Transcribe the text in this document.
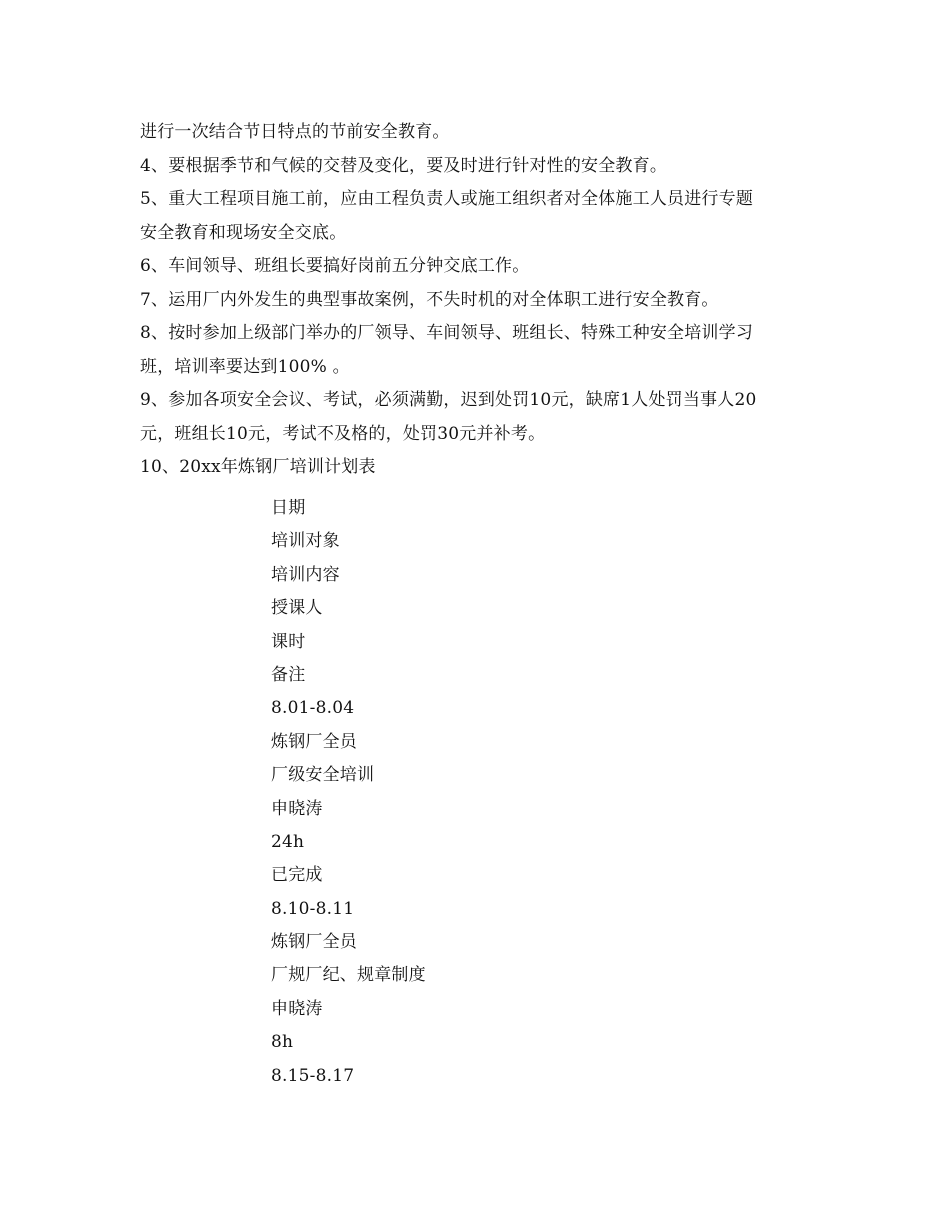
进行一次结合节日特点的节前安全教育。
4、要根据季节和气候的交替及变化，要及时进行针对性的安全教育。
5、重大工程项目施工前，应由工程负责人或施工组织者对全体施工人员进行专题
安全教育和现场安全交底。
6、车间领导、班组长要搞好岗前五分钟交底工作。
7、运用厂内外发生的典型事故案例，不失时机的对全体职工进行安全教育。
8、按时参加上级部门举办的厂领导、车间领导、班组长、特殊工种安全培训学习
班，培训率要达到100% 。
9、参加各项安全会议、考试，必须满勤，迟到处罚10元，缺席1人处罚当事人20
元，班组长10元，考试不及格的，处罚30元并补考。
10、20xx年炼钢厂培训计划表
日期
培训对象
培训内容
授课人
课时
备注
8.01-8.04
炼钢厂全员
厂级安全培训
申晓涛
24h
已完成
8.10-8.11
炼钢厂全员
厂规厂纪、规章制度
申晓涛
8h
8.15-8.17
